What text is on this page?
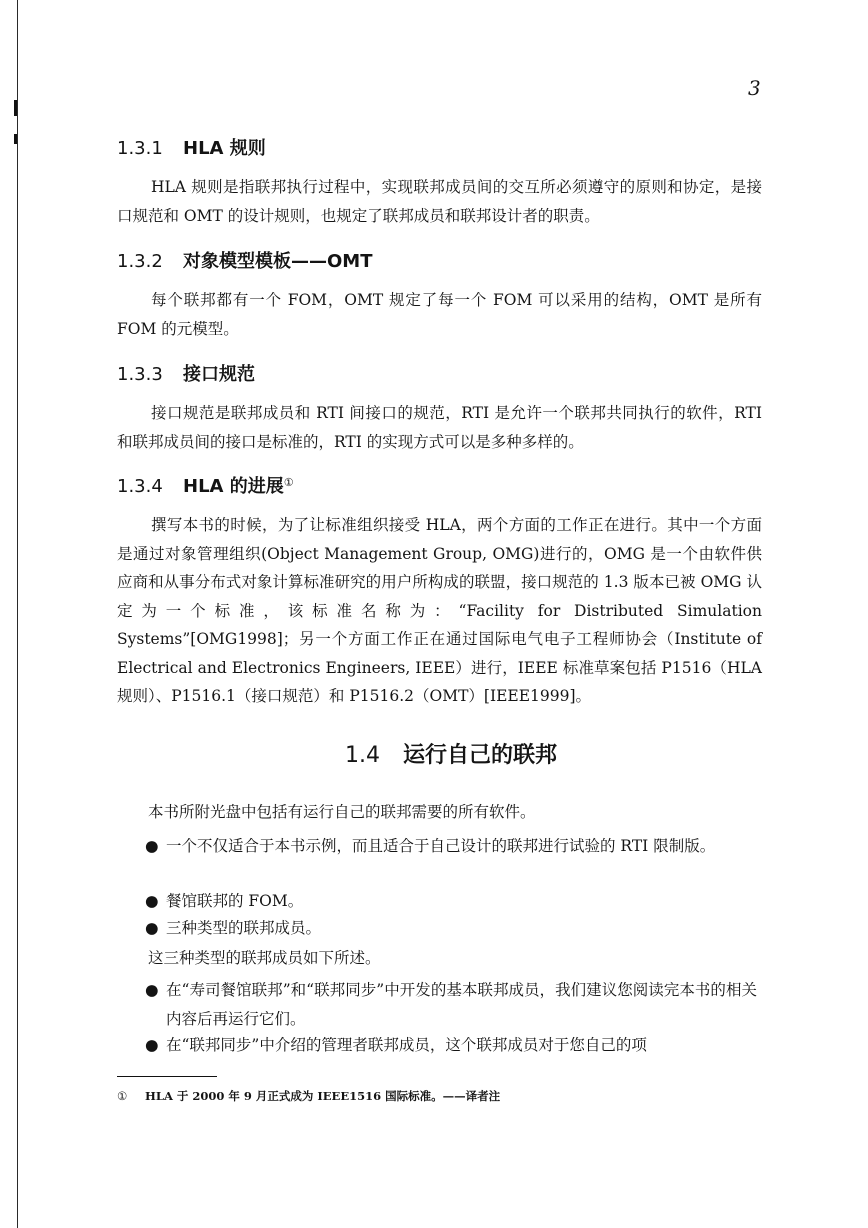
3
1.3.1 HLA 规则

HLA 规则是指联邦执行过程中，实现联邦成员间的交互所必须遵守的原则和协定，是接口规范和 OMT 的设计规则，也规定了联邦成员和联邦设计者的职责。

1.3.2 对象模型模板——OMT

每个联邦都有一个 FOM，OMT 规定了每一个 FOM 可以采用的结构，OMT 是所有 FOM 的元模型。

1.3.3 接口规范

接口规范是联邦成员和 RTI 间接口的规范，RTI 是允许一个联邦共同执行的软件，RTI 和联邦成员间的接口是标准的，RTI 的实现方式可以是多种多样的。

1.3.4 HLA 的进展①

撰写本书的时候，为了让标准组织接受 HLA，两个方面的工作正在进行。其中一个方面是通过对象管理组织(Object Management Group, OMG)进行的，OMG 是一个由软件供应商和从事分布式对象计算标准研究的用户所构成的联盟，接口规范的 1.3 版本已被 OMG 认定为一个标准，该标准名称为：“Facility for Distributed Simulation Systems”[OMG1998]；另一个方面工作正在通过国际电气电子工程师协会（Institute of Electrical and Electronics Engineers, IEEE）进行，IEEE 标准草案包括 P1516（HLA 规则）、P1516.1（接口规范）和 P1516.2（OMT）[IEEE1999]。

1.4 运行自己的联邦
本书所附光盘中包括有运行自己的联邦需要的所有软件。
● 一个不仅适合于本书示例，而且适合于自己设计的联邦进行试验的 RTI 限制版。
● 餐馆联邦的 FOM。
● 三种类型的联邦成员。
这三种类型的联邦成员如下所述。
● 在“寿司餐馆联邦”和“联邦同步”中开发的基本联邦成员，我们建议您阅读完本书的相关内容后再运行它们。
● 在“联邦同步”中介绍的管理者联邦成员，这个联邦成员对于您自己的项
① HLA 于 2000 年 9 月正式成为 IEEE1516 国际标准。——译者注
